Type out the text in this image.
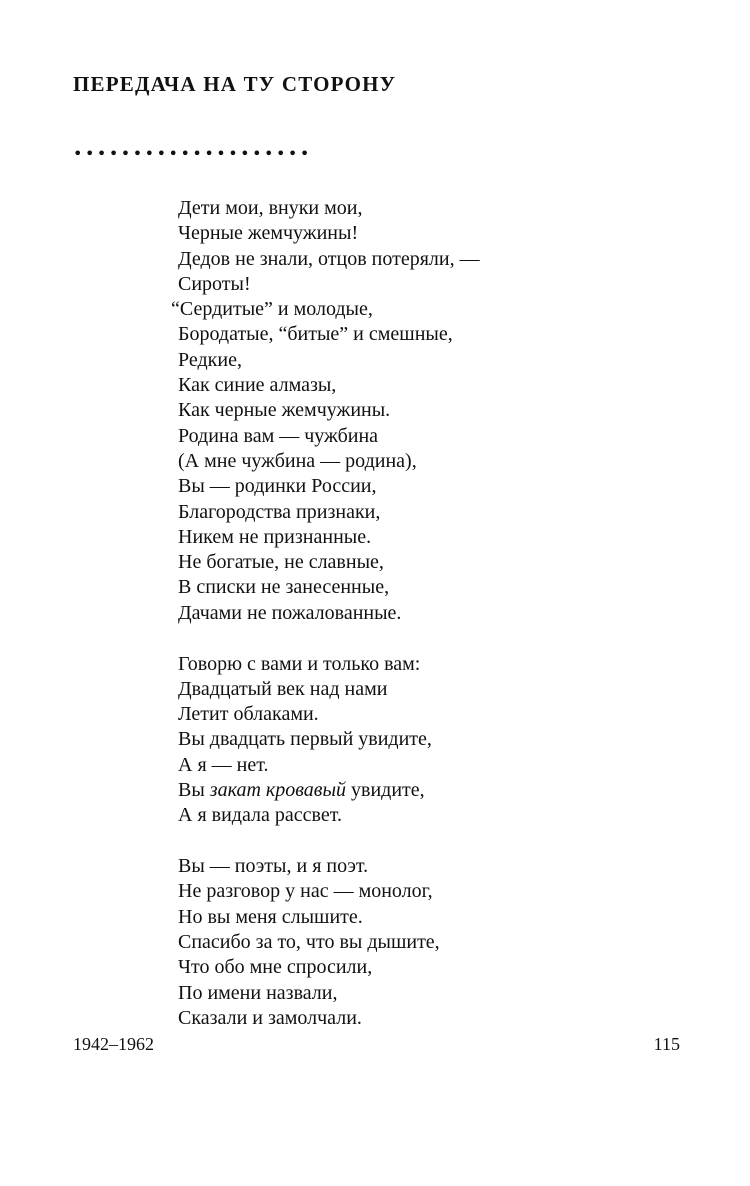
ПЕРЕДАЧА НА ТУ СТОРОНУ
••••••••••••••••••••
Дети мои, внуки мои,
Черные жемчужины!
Дедов не знали, отцов потеряли, —
Сироты!
“Сердитые” и молодые,
Бородатые, “битые” и смешные,
Редкие,
Как синие алмазы,
Как черные жемчужины.
Родина вам — чужбина
(А мне чужбина — родина),
Вы — родинки России,
Благородства признаки,
Никем не признанные.
Не богатые, не славные,
В списки не занесенные,
Дачами не пожалованные.
Говорю с вами и только вам:
Двадцатый век над нами
Летит облаками.
Вы двадцать первый увидите,
А я — нет.
Вы закат кровавый увидите,
А я видала рассвет.
Вы — поэты, и я поэт.
Не разговор у нас — монолог,
Но вы меня слышите.
Спасибо за то, что вы дышите,
Что обо мне спросили,
По имени назвали,
Сказали и замолчали.
1942–1962	115
